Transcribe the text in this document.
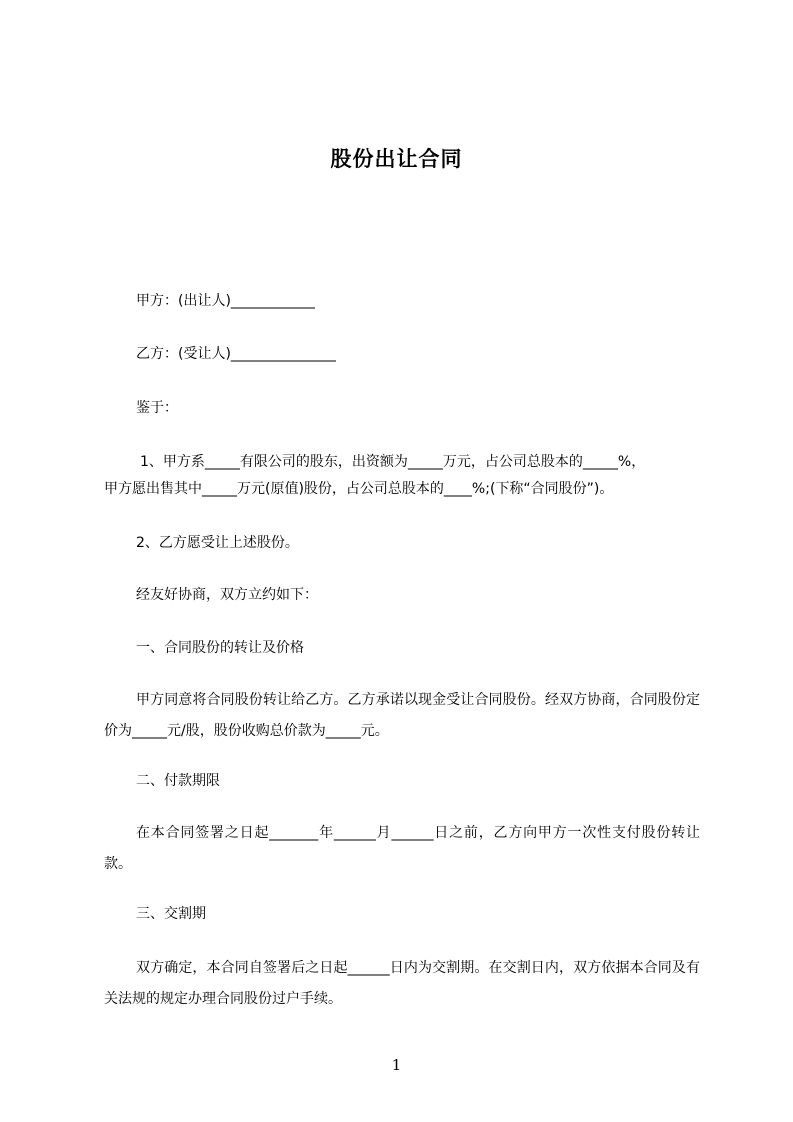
股份出让合同
甲方：(出让人)____________
乙方：(受让人)_______________
鉴于：
1、甲方系_____有限公司的股东，出资额为_____万元，占公司总股本的_____%，
甲方愿出售其中_____万元(原值)股份，占公司总股本的____%;(下称“合同股份”)。
2、乙方愿受让上述股份。
经友好协商，双方立约如下：
一、合同股份的转让及价格
甲方同意将合同股份转让给乙方。乙方承诺以现金受让合同股份。经双方协商，合同股份定价为_____元/股，股份收购总价款为_____元。
二、付款期限
在本合同签署之日起_______年______月______日之前，乙方向甲方一次性支付股份转让款。
三、交割期
双方确定，本合同自签署后之日起______日内为交割期。在交割日内，双方依据本合同及有关法规的规定办理合同股份过户手续。
1
